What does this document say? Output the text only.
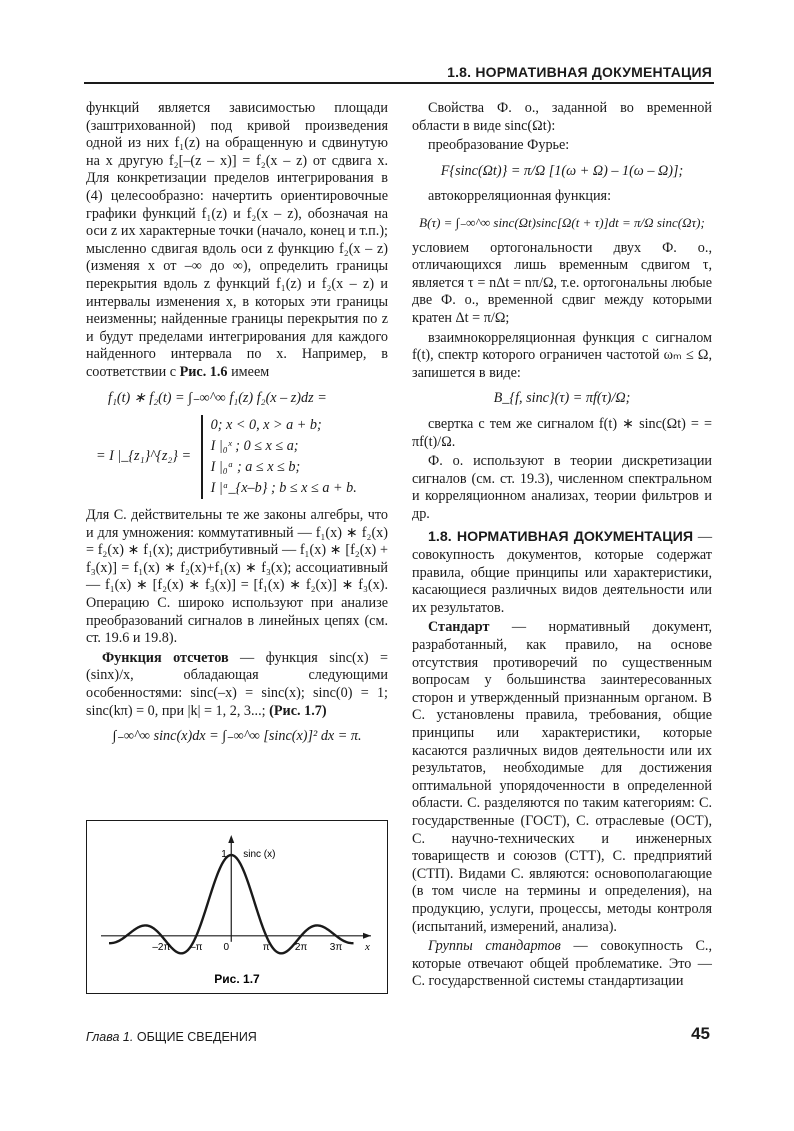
1.8. НОРМАТИВНАЯ ДОКУМЕНТАЦИЯ

функций является зависимостью площади (заштрихованной) под кривой произведения одной из них f₁(z) на обращенную и сдвинутую на x другую f₂[–(z – x)] = f₂(x – z) от сдвига x. Для конкретизации пределов интегрирования в (4) целесообразно: начертить ориентировочные графики функций f₁(z) и f₂(x – z), обозначая на оси z их характерные точки (начало, конец и т.п.); мысленно сдвигая вдоль оси z функцию f₂(x – z) (изменяя x от –∞ до ∞), определить границы перекрытия вдоль z функций f₁(z) и f₂(x – z) и интервалы изменения x, в которых эти границы неизменны; найденные границы перекрытия по z и будут пределами интегрирования для каждого найденного интервала по x. Например, в соответствии с Рис. 1.6 имеем

f₁(t) ∗ f₂(t) = ∫₋∞^∞ f₁(z) f₂(x – z)dz =
= I |_{z₁}^{z₂} = 0; x < 0, x > a + b;
I |₀ˣ ; 0 ≤ x ≤ a;
I |₀ᵃ ; a ≤ x ≤ b;
I |ᵃ_{x–b} ; b ≤ x ≤ a + b.

Для С. действительны те же законы алгебры, что и для умножения: коммутативный — f₁(x) ∗ f₂(x) = f₂(x) ∗ f₁(x); дистрибутивный — f₁(x) ∗ [f₂(x) + f₃(x)] = f₁(x) ∗ f₂(x)+f₁(x) ∗ f₃(x); ассоциативный — f₁(x) ∗ [f₂(x) ∗ f₃(x)] = [f₁(x) ∗ f₂(x)] ∗ f₃(x). Операцию С. широко используют при анализе преобразований сигналов в линейных цепях (см. ст. 19.6 и 19.8).

Функция отсчетов — функция sinc(x) = (sinx)/x, обладающая следующими особенностями: sinc(–x) = sinc(x); sinc(0) = 1; sinc(kπ) = 0, при |k| = 1, 2, 3...; (Рис. 1.7)

∫₋∞^∞ sinc(x)dx = ∫₋∞^∞ [sinc(x)]² dx = π.
1 sinc (x)
x
–2π –π 0	π	2π 3π
Рис. 1.7

Свойства Ф. о., заданной во временной области в виде sinc(Ωt):

преобразование Фурье:

F{sinc(Ωt)} = π/Ω [1(ω + Ω) – 1(ω – Ω)];

автокорреляционная функция:

B(τ) = ∫₋∞^∞ sinc(Ωt)sinc[Ω(t + τ)]dt = π/Ω sinc(Ωτ);

условием ортогональности двух Ф. о., отличающихся лишь временным сдвигом τ, является τ = nΔt = nπ/Ω, т.е. ортогональны любые две Ф. о., временной сдвиг между которыми кратен Δt = π/Ω;

взаимнокорреляционная функция с сигналом f(t), спектр которого ограничен частотой ωₘ ≤ Ω, запишется в виде:

B_{f, sinc}(τ) = πf(τ)/Ω;

свертка с тем же сигналом f(t) ∗ sinc(Ωt) = = πf(t)/Ω.

Ф. о. используют в теории дискретизации сигналов (см. ст. 19.3), численном спектральном и корреляционном анализах, теории фильтров и др.

1.8. НОРМАТИВНАЯ ДОКУМЕНТАЦИЯ — совокупность документов, которые содержат правила, общие принципы или характеристики, касающиеся различных видов деятельности или их результатов.

Стандарт — нормативный документ, разработанный, как правило, на основе отсутствия противоречий по существенным вопросам у большинства заинтересованных сторон и утвержденный признанным органом. В С. установлены правила, требования, общие принципы или характеристики, которые касаются различных видов деятельности или их результатов, необходимые для достижения оптимальной упорядоченности в определенной области. С. разделяются по таким категориям: С. государственные (ГОСТ), С. отраслевые (ОСТ), С. научно-технических и инженерных товариществ и союзов (СТТ), С. предприятий (СТП). Видами С. являются: основополагающие (в том числе на термины и определения), на продукцию, услуги, процессы, методы контроля (испытаний, измерений, анализа).

Группы стандартов — совокупность С., которые отвечают общей проблематике. Это — С. государственной системы стандартизации

Глава 1. ОБЩИЕ СВЕДЕНИЯ	45
